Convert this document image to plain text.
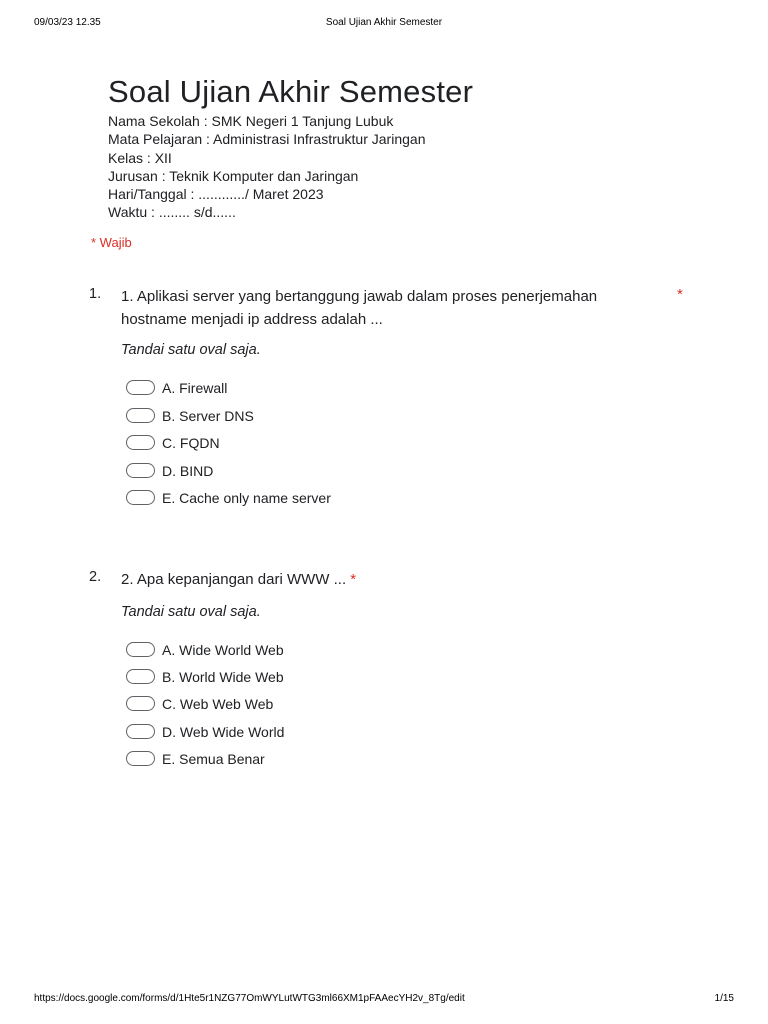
09/03/23 12.35	Soal Ujian Akhir Semester
Soal Ujian Akhir Semester
Nama Sekolah : SMK Negeri 1 Tanjung Lubuk
Mata Pelajaran : Administrasi Infrastruktur Jaringan
Kelas : XII
Jurusan : Teknik Komputer dan Jaringan
Hari/Tanggal : ............/ Maret 2023
Waktu : ........ s/d......
* Wajib
1. 1. Aplikasi server yang bertanggung jawab dalam proses penerjemahan hostname menjadi ip address adalah ...
*
Tandai satu oval saja.
A. Firewall
B. Server DNS
C. FQDN
D. BIND
E. Cache only name server
2. 2. Apa kepanjangan dari WWW ... *
Tandai satu oval saja.
A. Wide World Web
B. World Wide Web
C. Web Web Web
D. Web Wide World
E. Semua Benar
https://docs.google.com/forms/d/1Hte5r1NZG77OmWYLutWTG3ml66XM1pFAAecYH2v_8Tg/edit	1/15
